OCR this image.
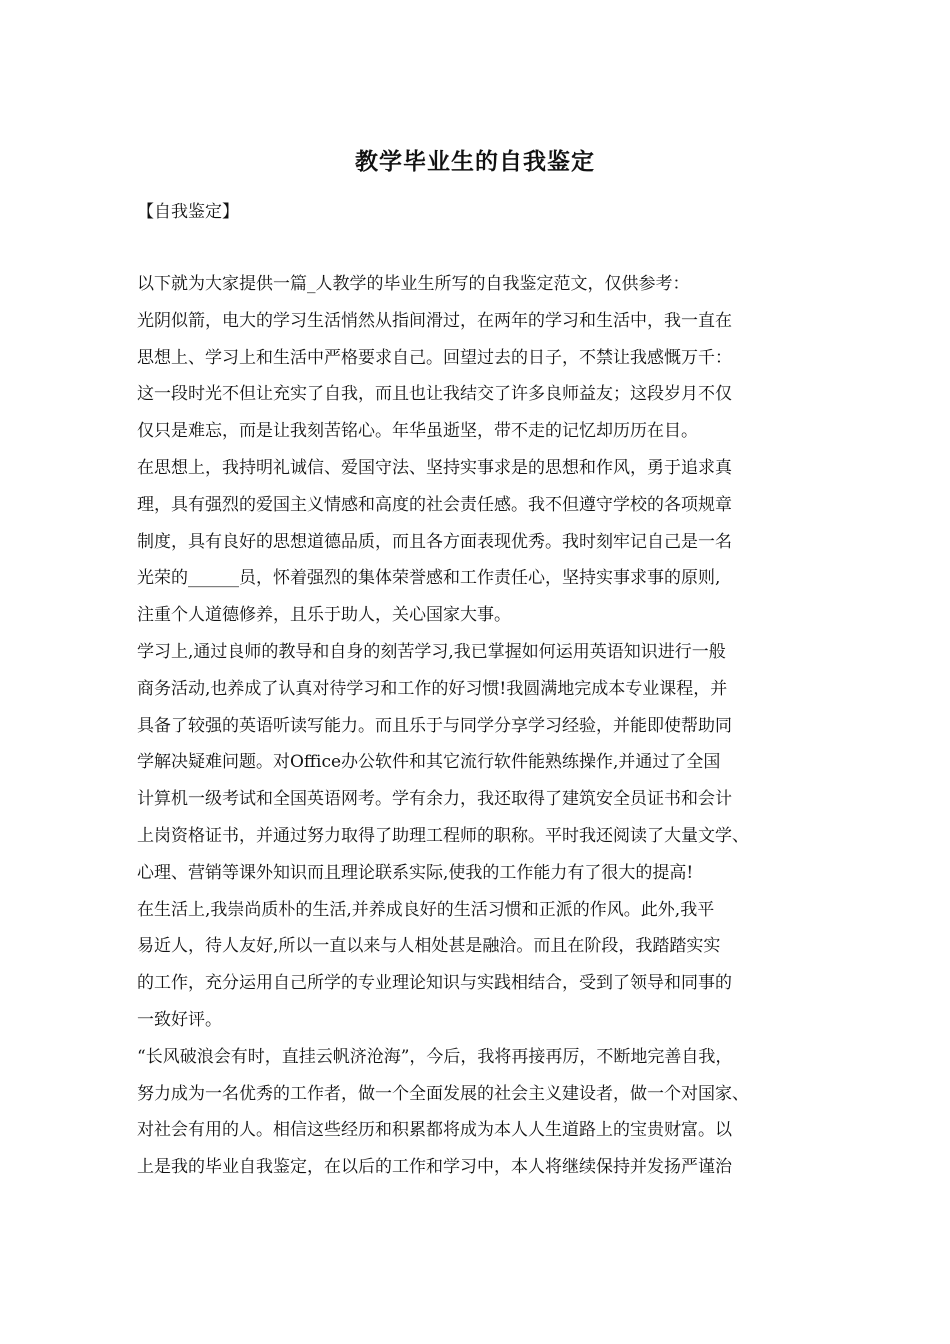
教学毕业生的自我鉴定
【自我鉴定】
以下就为大家提供一篇_人教学的毕业生所写的自我鉴定范文，仅供参考：
光阴似箭，电大的学习生活悄然从指间滑过，在两年的学习和生活中，我一直在
思想上、学习上和生活中严格要求自己。回望过去的日子，不禁让我感慨万千：
这一段时光不但让充实了自我，而且也让我结交了许多良师益友；这段岁月不仅
仅只是难忘，而是让我刻苦铭心。年华虽逝坚，带不走的记忆却历历在目。
在思想上，我持明礼诚信、爱国守法、坚持实事求是的思想和作风，勇于追求真
理，具有强烈的爱国主义情感和高度的社会责任感。我不但遵守学校的各项规章
制度，具有良好的思想道德品质，而且各方面表现优秀。我时刻牢记自己是一名
光荣的______员，怀着强烈的集体荣誉感和工作责任心，坚持实事求事的原则,
注重个人道德修养，且乐于助人，关心国家大事。
学习上,通过良师的教导和自身的刻苦学习,我已掌握如何运用英语知识进行一般
商务活动,也养成了认真对待学习和工作的好习惯!我圆满地完成本专业课程，并
具备了较强的英语听读写能力。而且乐于与同学分享学习经验，并能即使帮助同
学解决疑难问题。对Office办公软件和其它流行软件能熟练操作,并通过了全国
计算机一级考试和全国英语网考。学有余力，我还取得了建筑安全员证书和会计
上岗资格证书，并通过努力取得了助理工程师的职称。平时我还阅读了大量文学、
心理、营销等课外知识而且理论联系实际,使我的工作能力有了很大的提高!
在生活上,我崇尚质朴的生活,并养成良好的生活习惯和正派的作风。此外,我平
易近人，待人友好,所以一直以来与人相处甚是融洽。而且在阶段，我踏踏实实
的工作，充分运用自己所学的专业理论知识与实践相结合，受到了领导和同事的
一致好评。
“长风破浪会有时，直挂云帆济沧海”，今后，我将再接再厉，不断地完善自我，
努力成为一名优秀的工作者，做一个全面发展的社会主义建设者，做一个对国家、
对社会有用的人。相信这些经历和积累都将成为本人人生道路上的宝贵财富。以
上是我的毕业自我鉴定，在以后的工作和学习中，本人将继续保持并发扬严谨治
